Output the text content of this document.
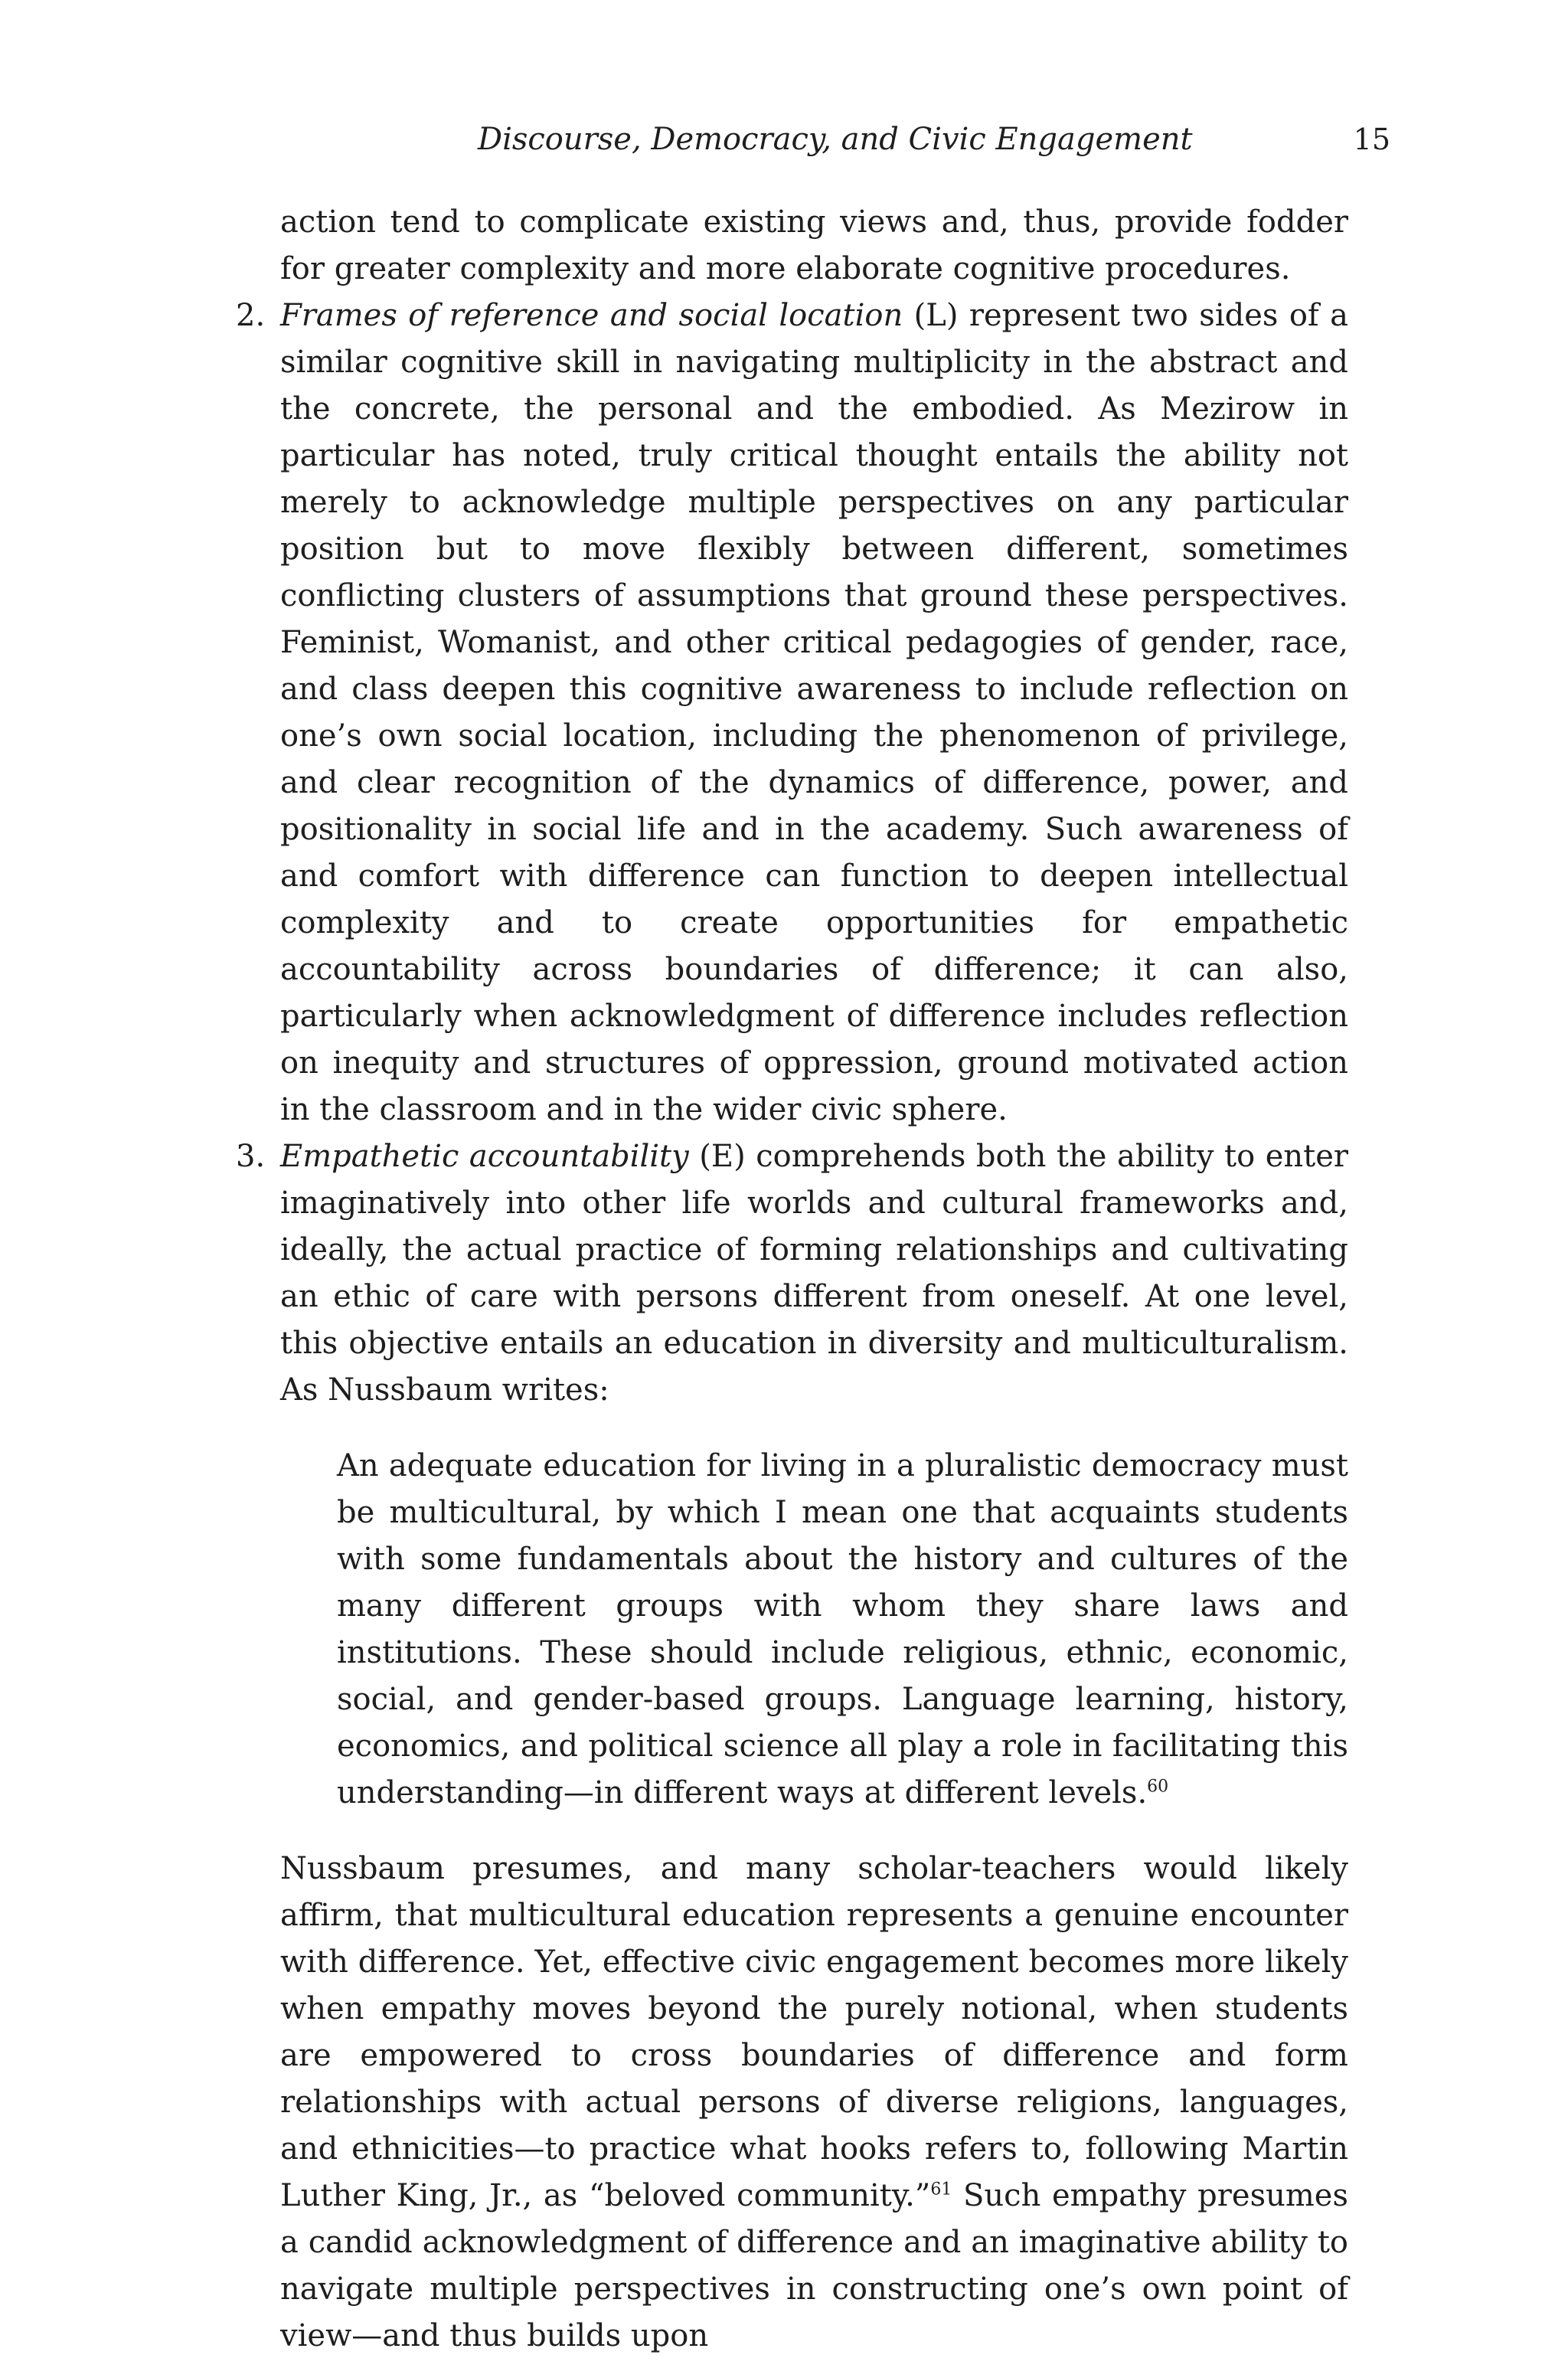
Discourse, Democracy, and Civic Engagement	15

action tend to complicate existing views and, thus, provide fodder for greater complexity and more elaborate cognitive procedures.

2. Frames of reference and social location (L) represent two sides of a similar cognitive skill in navigating multiplicity in the abstract and the concrete, the personal and the embodied. As Mezirow in particular has noted, truly critical thought entails the ability not merely to acknowledge multiple perspectives on any particular position but to move flexibly between different, sometimes conflicting clusters of assumptions that ground these perspectives. Feminist, Womanist, and other critical pedagogies of gender, race, and class deepen this cognitive awareness to include reflection on one’s own social location, including the phenomenon of privilege, and clear recognition of the dynamics of difference, power, and positionality in social life and in the academy. Such awareness of and comfort with difference can function to deepen intellectual complexity and to create opportunities for empathetic accountability across boundaries of difference; it can also, particularly when acknowledgment of difference includes reflection on inequity and structures of oppression, ground motivated action in the classroom and in the wider civic sphere.

3. Empathetic accountability (E) comprehends both the ability to enter imaginatively into other life worlds and cultural frameworks and, ideally, the actual practice of forming relationships and cultivating an ethic of care with persons different from oneself. At one level, this objective entails an education in diversity and multiculturalism. As Nussbaum writes:

An adequate education for living in a pluralistic democracy must be multicultural, by which I mean one that acquaints students with some fundamentals about the history and cultures of the many different groups with whom they share laws and institutions. These should include religious, ethnic, economic, social, and gender-based groups. Language learning, history, economics, and political science all play a role in facilitating this understanding—in different ways at different levels.$^{60}$

Nussbaum presumes, and many scholar-teachers would likely affirm, that multicultural education represents a genuine encounter with difference. Yet, effective civic engagement becomes more likely when empathy moves beyond the purely notional, when students are empowered to cross boundaries of difference and form relationships with actual persons of diverse religions, languages, and ethnicities—to practice what hooks refers to, following Martin Luther King, Jr., as “beloved community.”$^{61}$ Such empathy presumes a candid acknowledgment of difference and an imaginative ability to navigate multiple perspectives in constructing one’s own point of view—and thus builds upon
